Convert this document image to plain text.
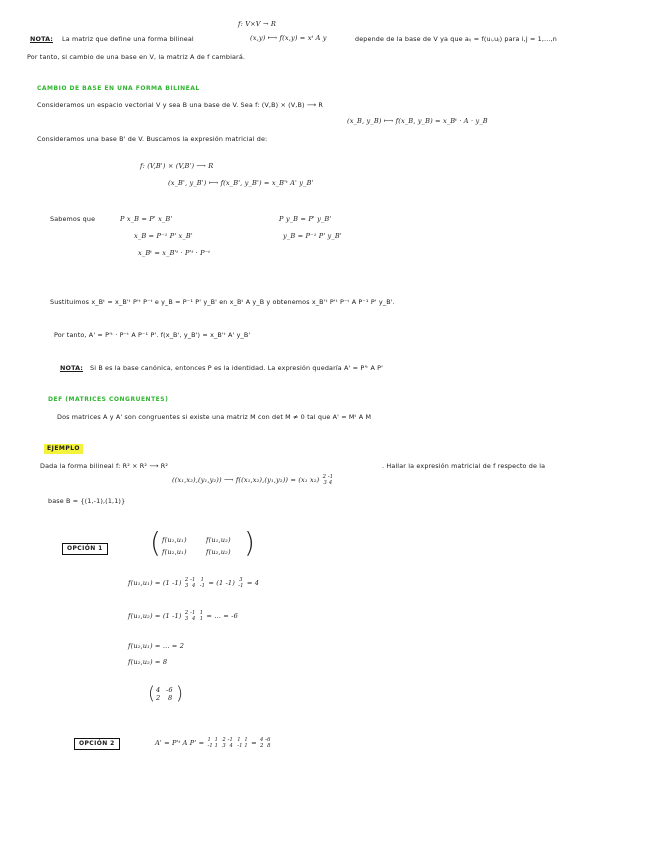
f: V×V → R
(x,y) ⟼ f(x,y) = xᵗ A y
NOTA: La matriz que define una forma bilineal	depende de la base de V ya que aᵢⱼ = f(uᵢ,uⱼ) para i,j = 1,...,n
Por tanto, si cambio de una base en V, la matriz A de f cambiará.
CAMBIO DE BASE EN UNA FORMA BILINEAL
Consideramos un espacio vectorial V y sea B una base de V. Sea f: (V,B) × (V,B) ⟶ R
(x_B, y_B) ⟼ f(x_B, y_B) = x_Bᵗ · A · y_B
Consideramos una base B' de V. Buscamos la expresión matricial de:
f: (V,B') × (V,B') ⟶ R
(x_B', y_B') ⟼ f(x_B', y_B') = x_B'ᵗ A' y_B'
Sabemos que	P x_B = P' x_B'
x_B = P⁻¹ P' x_B'
x_Bᵗ = x_B'ᵗ · P'ᵗ · P⁻ᵗ
P y_B = P' y_B'
y_B = P⁻¹ P' y_B'
Sustituimos x_Bᵗ = x_B'ᵗ P'ᵗ P⁻ᵗ e y_B = P⁻¹ P' y_B' en x_Bᵗ A y_B y obtenemos x_B'ᵗ P'ᵗ P⁻ᵗ A P⁻¹ P' y_B'.
Por tanto, A' = P'ᵗ · P⁻ᵗ A P⁻¹ P'. f(x_B', y_B') = x_B'ᵗ A' y_B'
NOTA: Si B es la base canónica, entonces P es la identidad. La expresión quedaría A' = P'ᵗ A P'
DEF (MATRICES CONGRUENTES)
Dos matrices A y A' son congruentes si existe una matriz M con det M ≠ 0 tal que A' = Mᵗ A M
EJEMPLO
Dada la forma bilineal f: R² × R² ⟶ R²	. Hallar la expresión matricial de f respecto de la
((x₁,x₂),(y₁,y₂)) ⟶ f((x₁,x₂),(y₁,y₂)) = (x₁ x₂) 2 -1
3 4
base B = {(1,-1),(1,1)}
OPCIÓN 1 (	)
f(u₁,u₁)	f(u₁,u₂)
f(u₂,u₁)	f(u₂,u₂)
f(u₁,u₁) = (1 -1) 2 -1
3  4

1
-1 = (1 -1) 3
-1 = 4
f(u₁,u₂) = (1 -1) 2 -1
3  4

1
1 = ... = -6
f(u₂,u₁) = ... = 2
f(u₂,u₂) = 8
( )
4 -6
2 8
OPCIÓN 2	A' = P'ᵗ A P' = 1  1
-1 1

2 -1
3  4

1  1
-1 1 = 4 -6
2  8
